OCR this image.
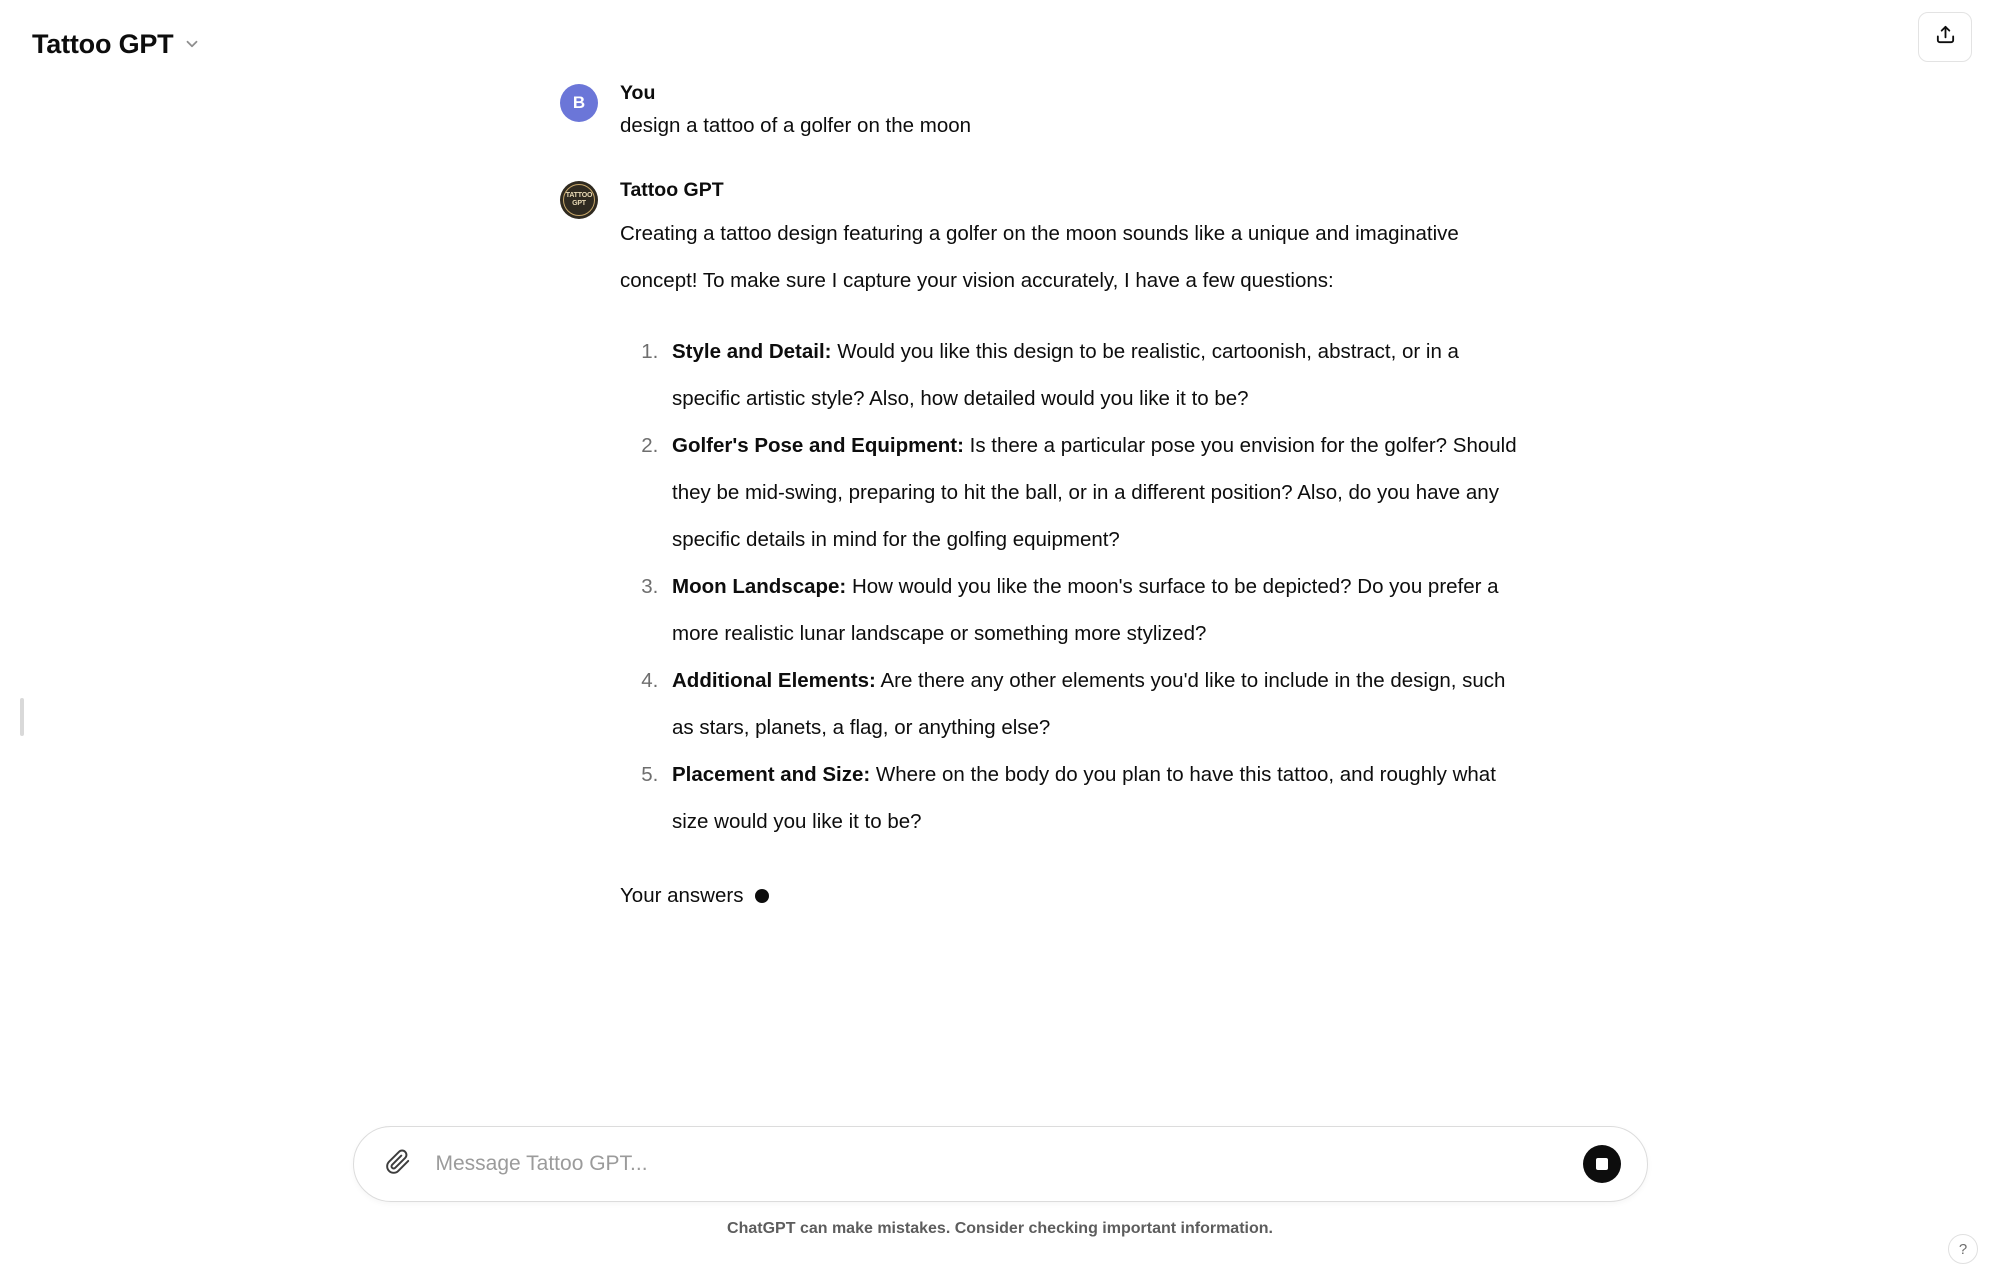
Tattoo GPT
B You
design a tattoo of a golfer on the moon
TATTOO GPT
Tattoo GPT
Creating a tattoo design featuring a golfer on the moon sounds like a unique and imaginative concept! To make sure I capture your vision accurately, I have a few questions:
1. Style and Detail: Would you like this design to be realistic, cartoonish, abstract, or in a specific artistic style? Also, how detailed would you like it to be?
2. Golfer's Pose and Equipment: Is there a particular pose you envision for the golfer? Should they be mid-swing, preparing to hit the ball, or in a different position? Also, do you have any specific details in mind for the golfing equipment?
3. Moon Landscape: How would you like the moon's surface to be depicted? Do you prefer a more realistic lunar landscape or something more stylized?
4. Additional Elements: Are there any other elements you'd like to include in the design, such as stars, planets, a flag, or anything else?
5. Placement and Size: Where on the body do you plan to have this tattoo, and roughly what size would you like it to be?
Your answers
Message Tattoo GPT...
ChatGPT can make mistakes. Consider checking important information.
?
